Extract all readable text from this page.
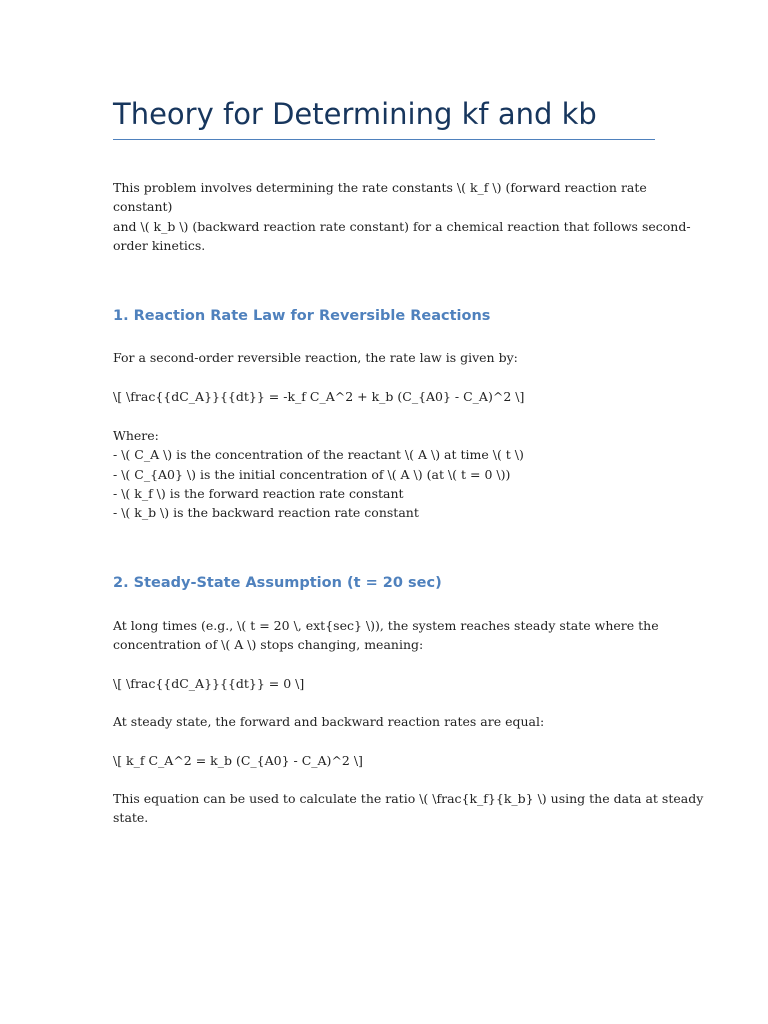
Theory for Determining kf and kb

This problem involves determining the rate constants \( k_f \) (forward reaction rate
constant)
and \( k_b \) (backward reaction rate constant) for a chemical reaction that follows second-
order kinetics.

1. Reaction Rate Law for Reversible Reactions

For a second-order reversible reaction, the rate law is given by:

\[ \frac{{dC_A}}{{dt}} = -k_f C_A^2 + k_b (C_{A0} - C_A)^2 \]

Where:
- \( C_A \) is the concentration of the reactant \( A \) at time \( t \)
- \( C_{A0} \) is the initial concentration of \( A \) (at \( t = 0 \))
- \( k_f \) is the forward reaction rate constant
- \( k_b \) is the backward reaction rate constant

2. Steady-State Assumption (t = 20 sec)

At long times (e.g., \( t = 20 \, ext{sec} \)), the system reaches steady state where the
concentration of \( A \) stops changing, meaning:

\[ \frac{{dC_A}}{{dt}} = 0 \]

At steady state, the forward and backward reaction rates are equal:

\[ k_f C_A^2 = k_b (C_{A0} - C_A)^2 \]

This equation can be used to calculate the ratio \( \frac{k_f}{k_b} \) using the data at steady
state.
